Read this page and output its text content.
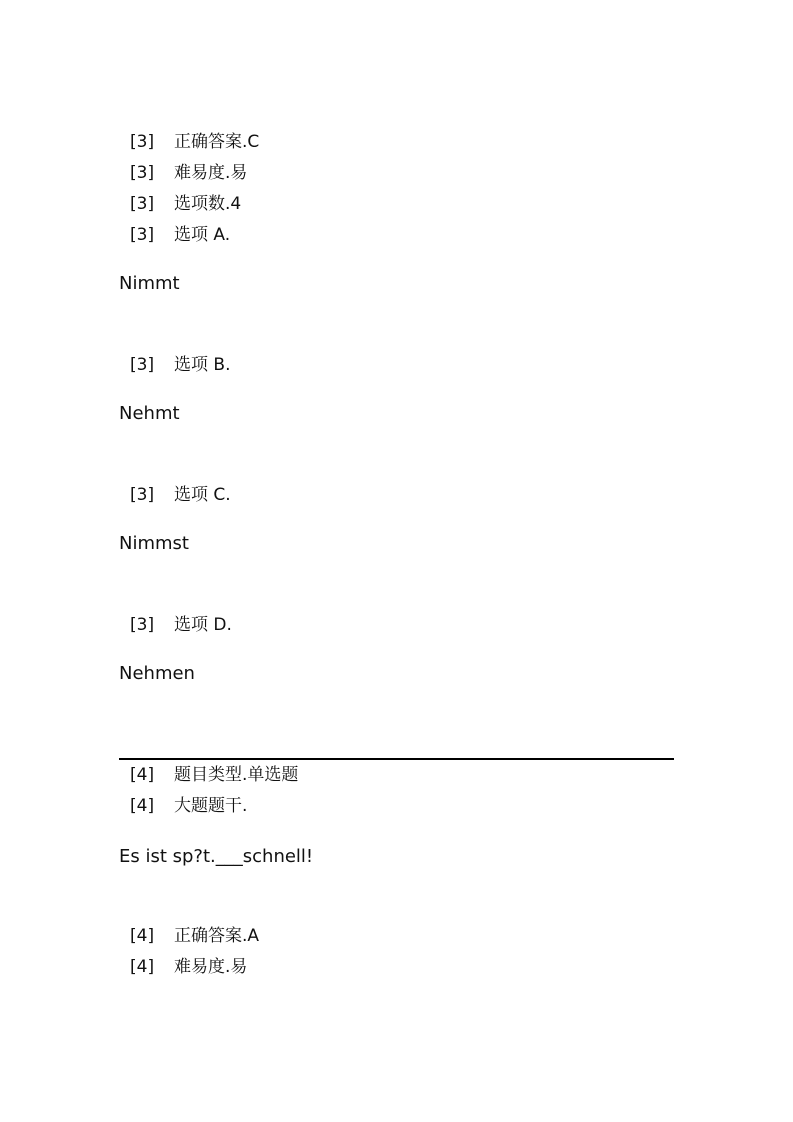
[3] 正确答案.C
[3] 难易度.易
[3] 选项数.4
[3] 选项 A.
Nimmt
[3] 选项 B.
Nehmt
[3] 选项 C.
Nimmst
[3] 选项 D.
Nehmen
[4] 题目类型.单选题
[4] 大题题干.
Es ist sp?t.___schnell!
[4] 正确答案.A
[4] 难易度.易
